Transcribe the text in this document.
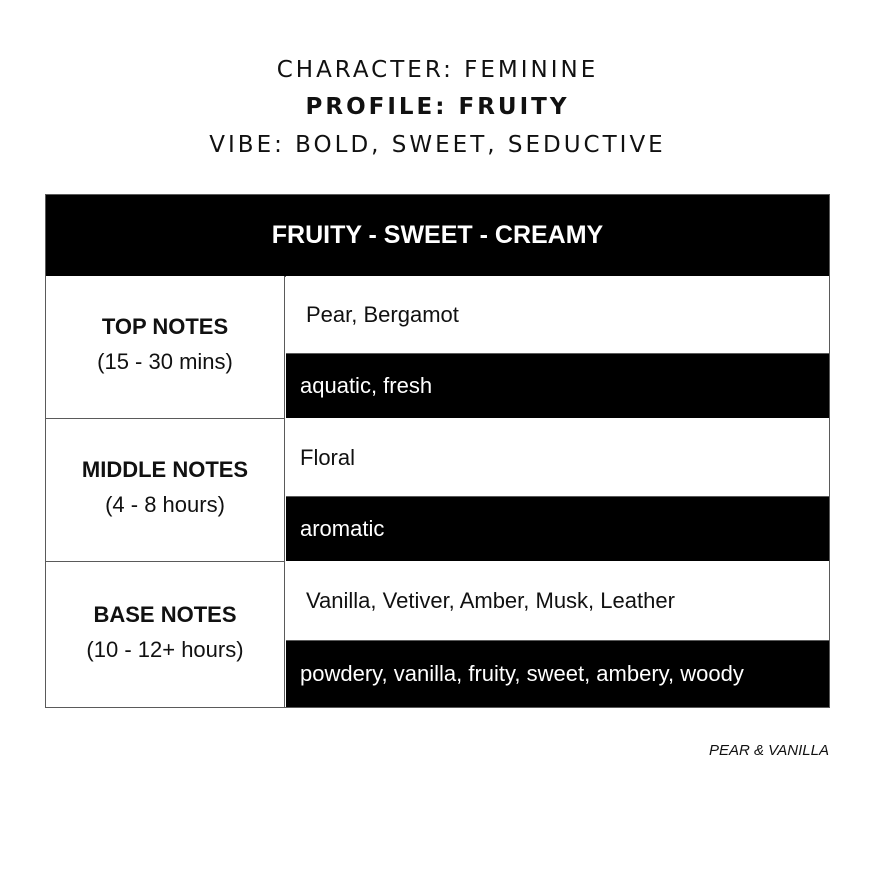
CHARACTER: FEMININE
PROFILE: FRUITY
VIBE: BOLD, SWEET, SEDUCTIVE
FRUITY - SWEET - CREAMY
TOP NOTES
(15 - 30 mins)
Pear, Bergamot
aquatic, fresh
MIDDLE NOTES
(4 - 8 hours)
Floral
aromatic
BASE NOTES
(10 - 12+ hours)
Vanilla, Vetiver, Amber, Musk, Leather
powdery, vanilla, fruity, sweet, ambery, woody
PEAR & VANILLA
